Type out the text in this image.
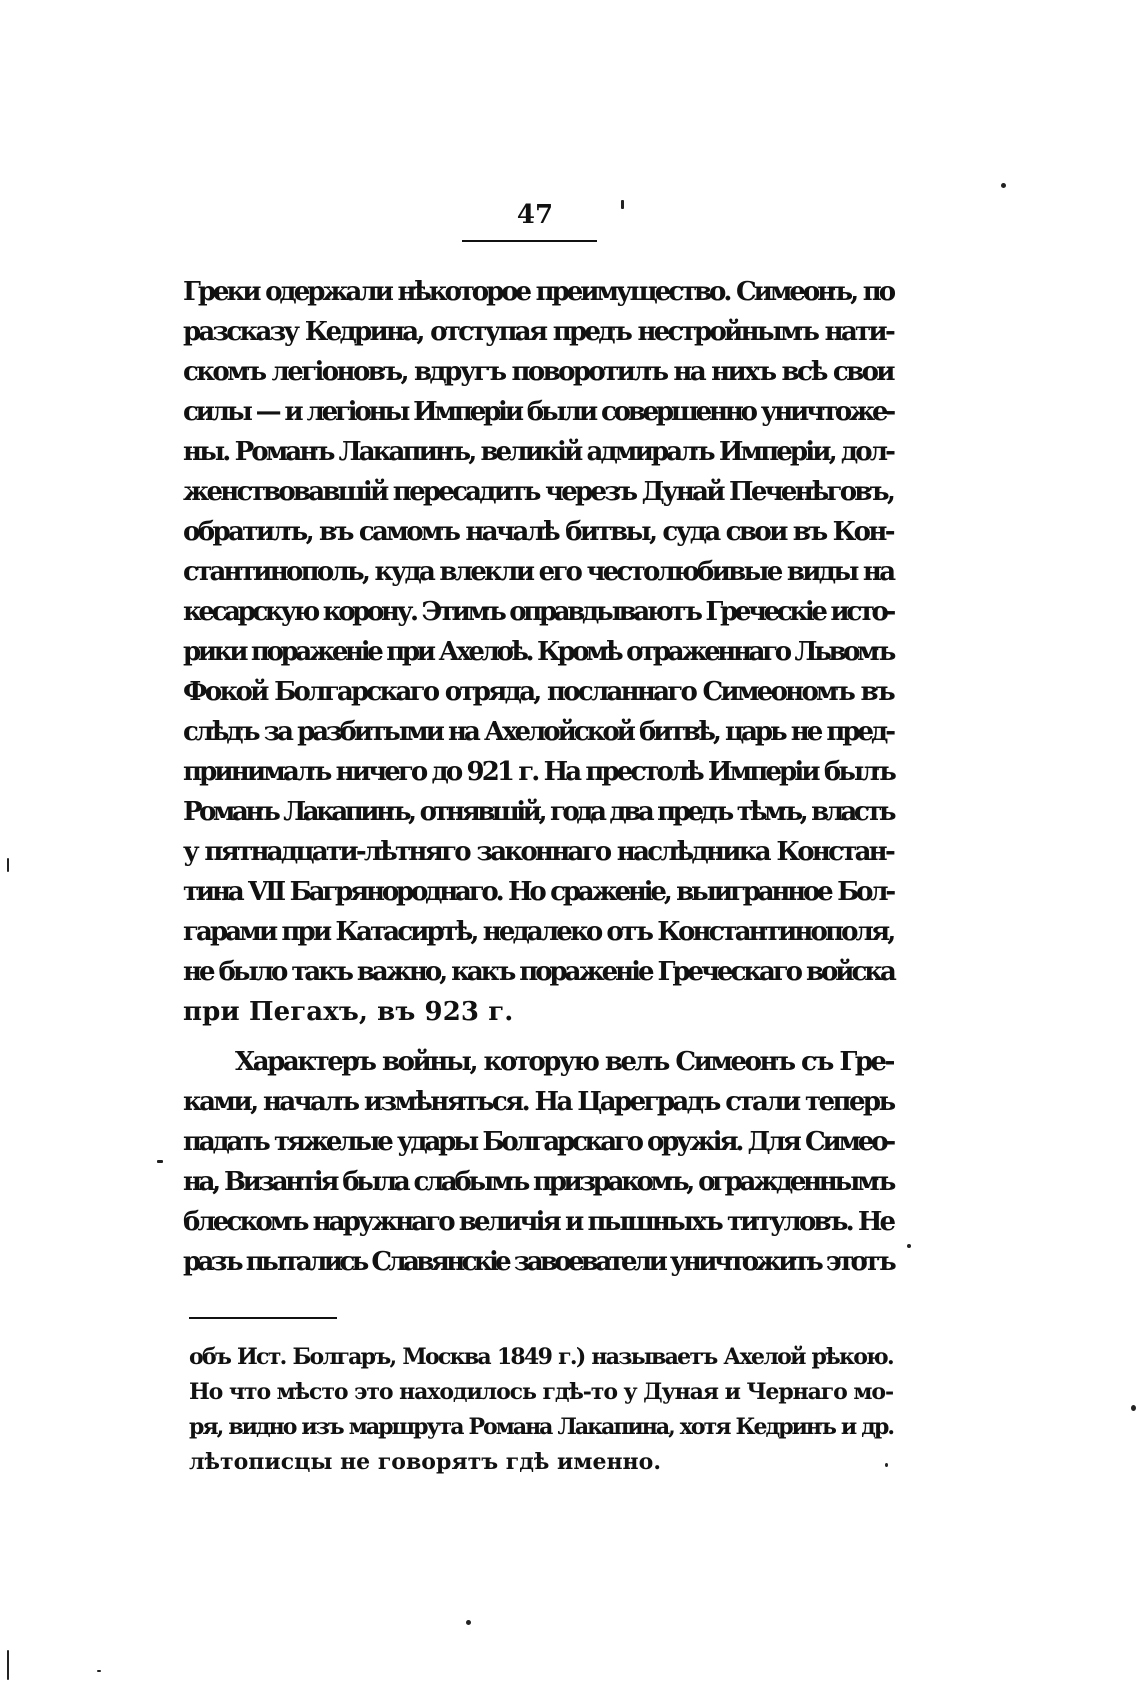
47
Греки одержали нѣкоторое преимущество. Симеонъ, по
разсказу Кедрина, отступая предъ нестройнымъ нати-
скомъ легіоновъ, вдругъ поворотилъ на нихъ всѣ свои
силы — и легіоны Имперіи были совершенно уничтоже-
ны. Романъ Лакапинъ, великій адмиралъ Имперіи, дол-
женствовавшій пересадить черезъ Дунай Печенѣговъ,
обратилъ, въ самомъ началѣ битвы, суда свои въ Кон-
стантинополь, куда влекли его честолюбивые виды на
кесарскую корону. Этимъ оправдываютъ Греческіе исто-
рики пораженіе при Ахелоѣ. Кромѣ отраженнаго Львомъ
Фокой Болгарскаго отряда, посланнаго Симеономъ въ
слѣдъ за разбитыми на Ахелойской битвѣ, царь не пред-
принималъ ничего до 921 г. На престолѣ Имперіи былъ
Романъ Лакапинъ, отнявшій, года два предъ тѣмъ, власть
у пятнадцати-лѣтняго законнаго наслѣдника Констан-
тина VII Багрянороднаго. Но сраженіе, выигранное Бол-
гарами при Катасиртѣ, недалеко отъ Константинополя,
не было такъ важно, какъ пораженіе Греческаго войска
при Пегахъ, въ 923 г.
Характеръ войны, которую велъ Симеонъ съ Гре-
ками, началъ измѣняться. На Цареградъ стали теперь
падать тяжелые удары Болгарскаго оружія. Для Симео-
на, Византія была слабымъ призракомъ, огражденнымъ
блескомъ наружнаго величія и пышныхъ титуловъ. Не
разъ пытались Славянскіе завоеватели уничтожить этотъ
объ Ист. Болгаръ, Москва 1849 г.) называетъ Ахелой рѣкою.
Но что мѣсто это находилось гдѣ-то у Дуная и Чернаго мо-
ря, видно изъ маршрута Романа Лакапина, хотя Кедринъ и др.
лѣтописцы не говорятъ гдѣ именно.
